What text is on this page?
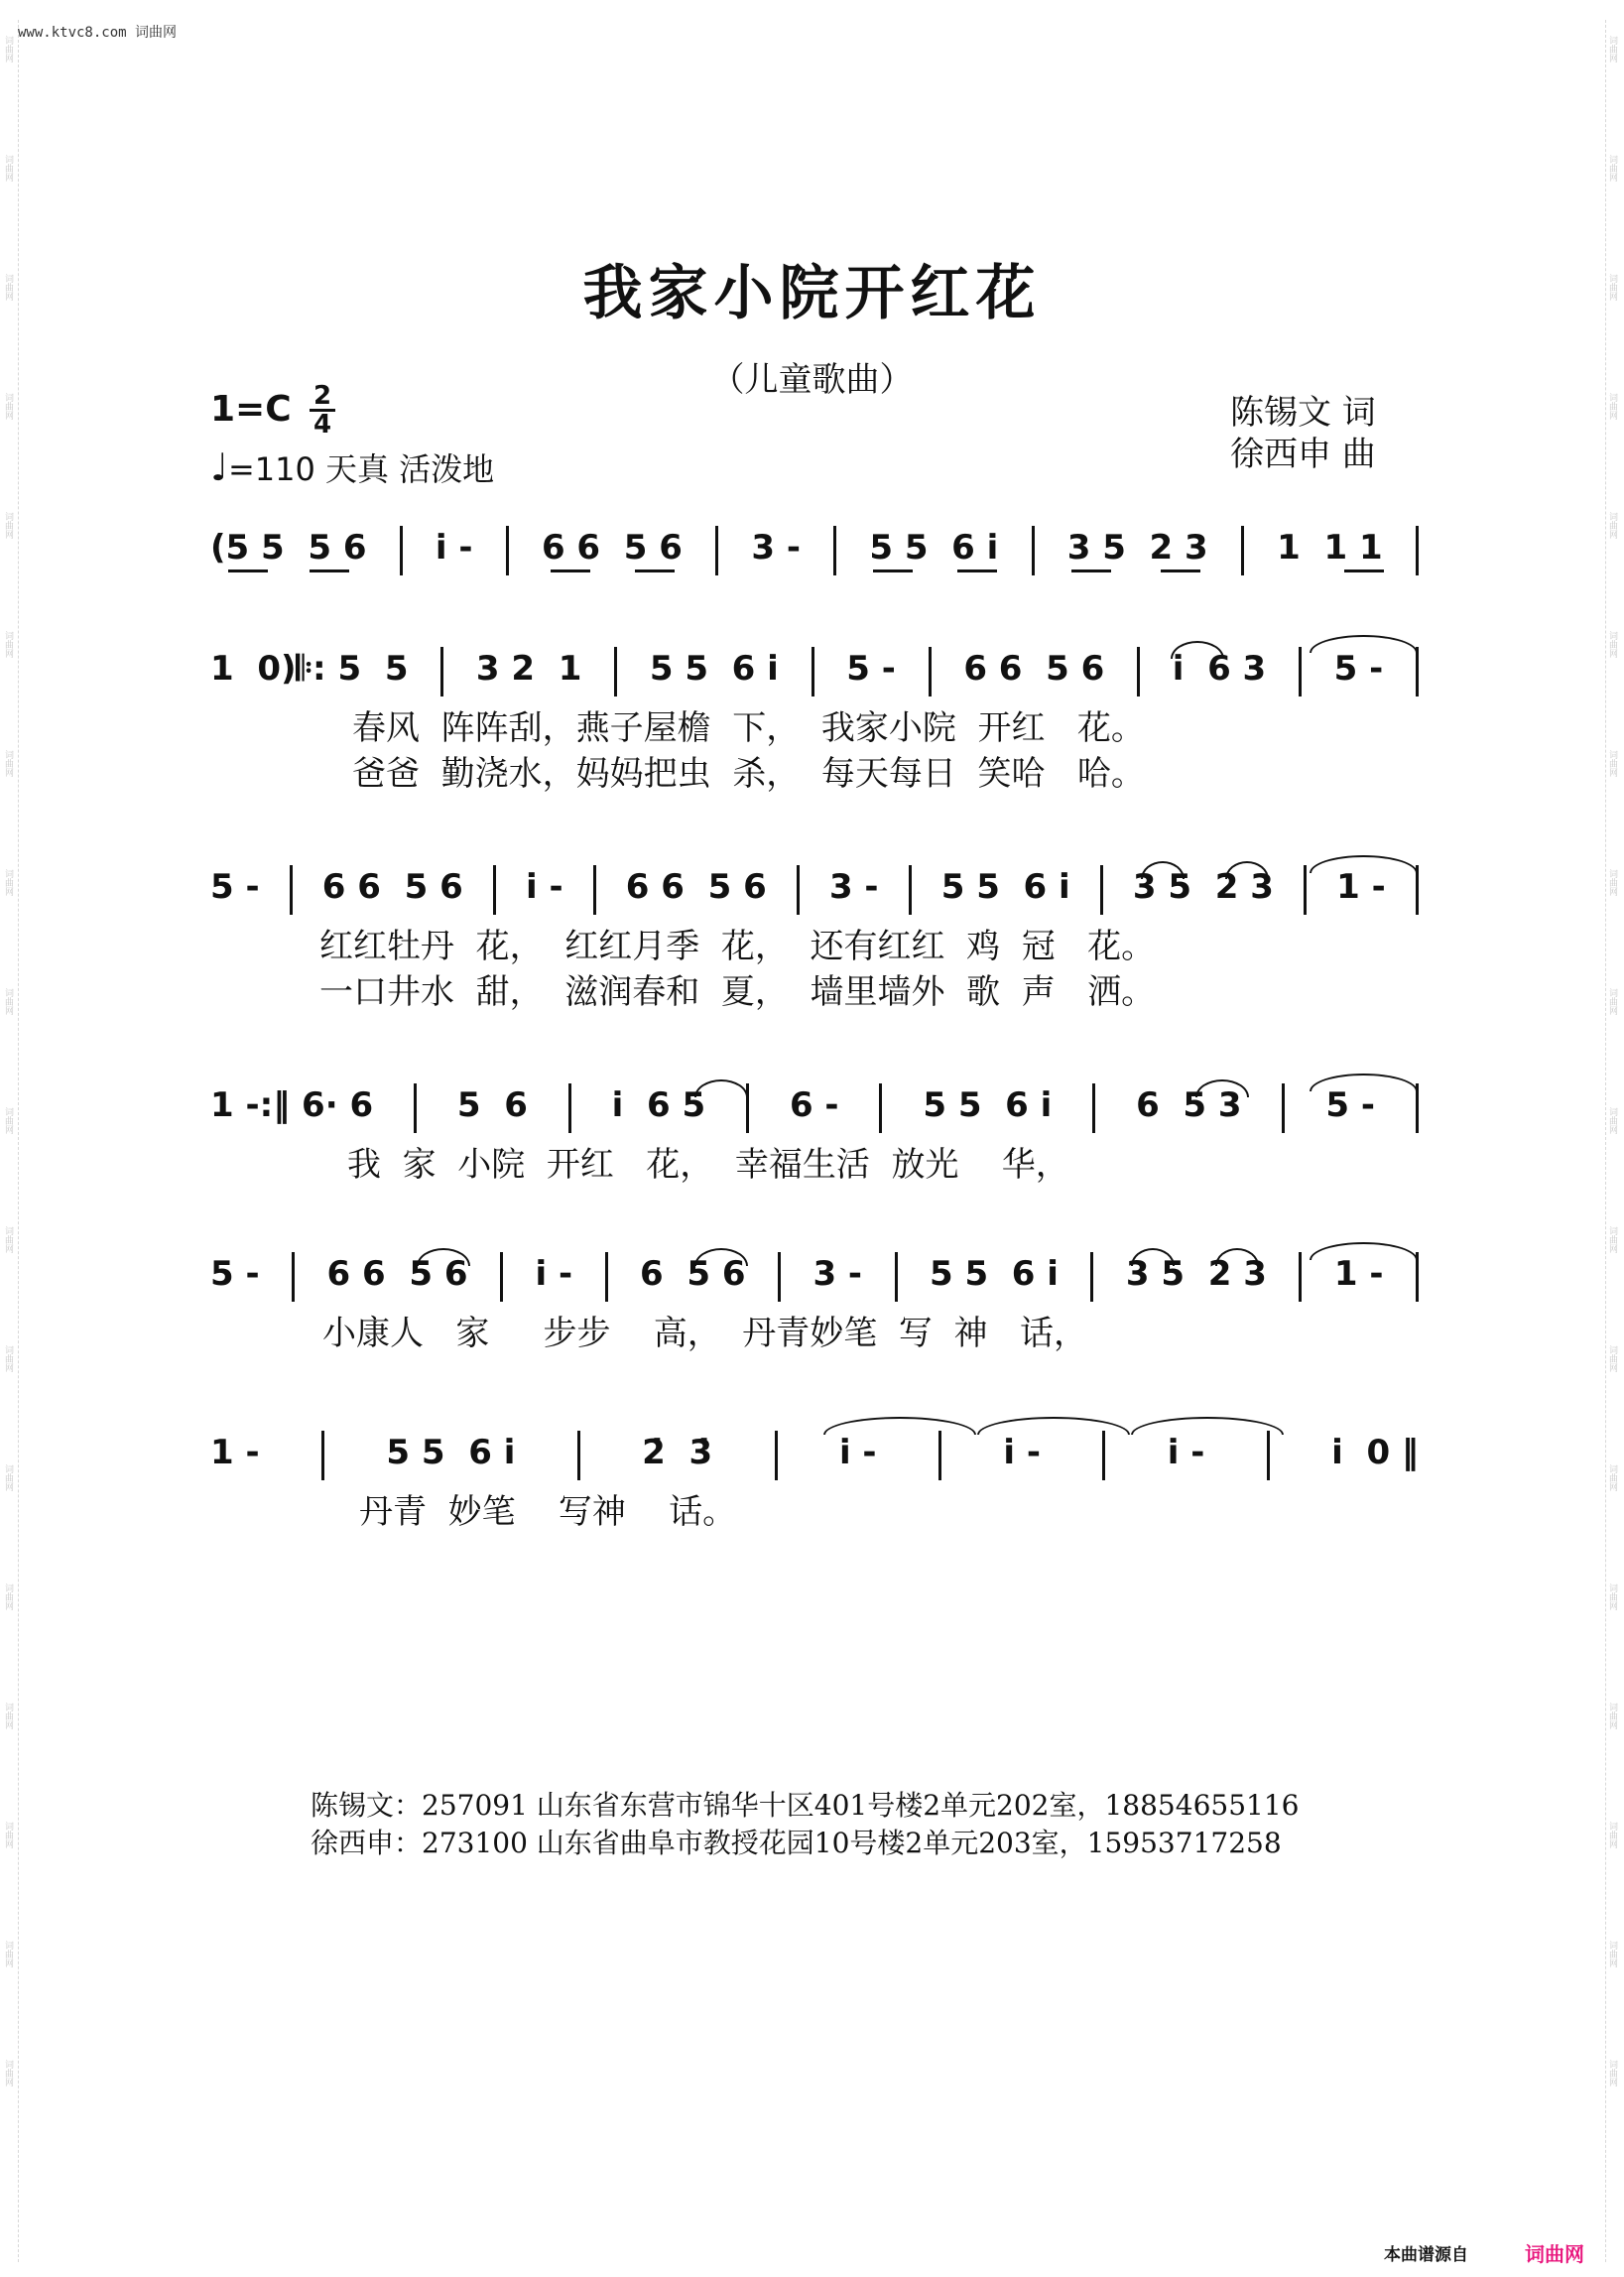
词曲网
词曲网
词曲网
词曲网
词曲网
词曲网
词曲网
词曲网
词曲网
词曲网
词曲网
词曲网
词曲网
词曲网
词曲网
词曲网
词曲网
词曲网
词曲网
词曲网
词曲网
词曲网
词曲网
词曲网
词曲网
词曲网
词曲网
词曲网
词曲网
词曲网
词曲网
词曲网
词曲网
词曲网
词曲网
词曲网
www.ktvc8.com 词曲网
我家小院开红花
（儿童歌曲）
1=C 2
4
♩=110 天真 活泼地
陈锡文 词
徐西申 曲
(5 5  5 6 i̇ - 6 6  5 6 3 - 5 5  6 i̇ 3 5  2 3 1  1 1
1  0)𝄆: 5  5 3 2  1 5 5  6 i̇ 5 - 6 6  5 6 i̇  6 3 5 -
春风  阵阵刮，燕子屋檐  下，  我家小院  开红   花。
爸爸  勤浇水，妈妈把虫  杀，  每天每日  笑哈   哈。
5 - 6 6  5 6 i̇ - 6 6  5 6 3 - 5 5  6 i̇ 3 5  2 3 1 -
红红牡丹  花，  红红月季  花，  还有红红  鸡  冠   花。
一口井水  甜，  滋润春和  夏，  墙里墙外  歌  声   洒。
1 -:‖ 6· 6 5  6 i̇  6 5 6 - 5 5  6 i̇ 6  5 3 5 -
我  家  小院  开红   花，  幸福生活  放光    华，
5 - 6 6  5 6 i̇ - 6  5 6 3 - 5 5  6 i̇ 3 5  2 3 1 -
小康人   家     步步    高，  丹青妙笔  写  神   话，
1 -	5 5  6 i̇	2̇  3̇	i̇ -	i̇ -	i̇ -	i̇  0 ‖
丹青  妙笔    写神    话。
陈锡文：257091 山东省东营市锦华十区401号楼2单元202室，18854655116
徐西申：273100 山东省曲阜市教授花园10号楼2单元203室，15953717258
本曲谱源自	词曲网
